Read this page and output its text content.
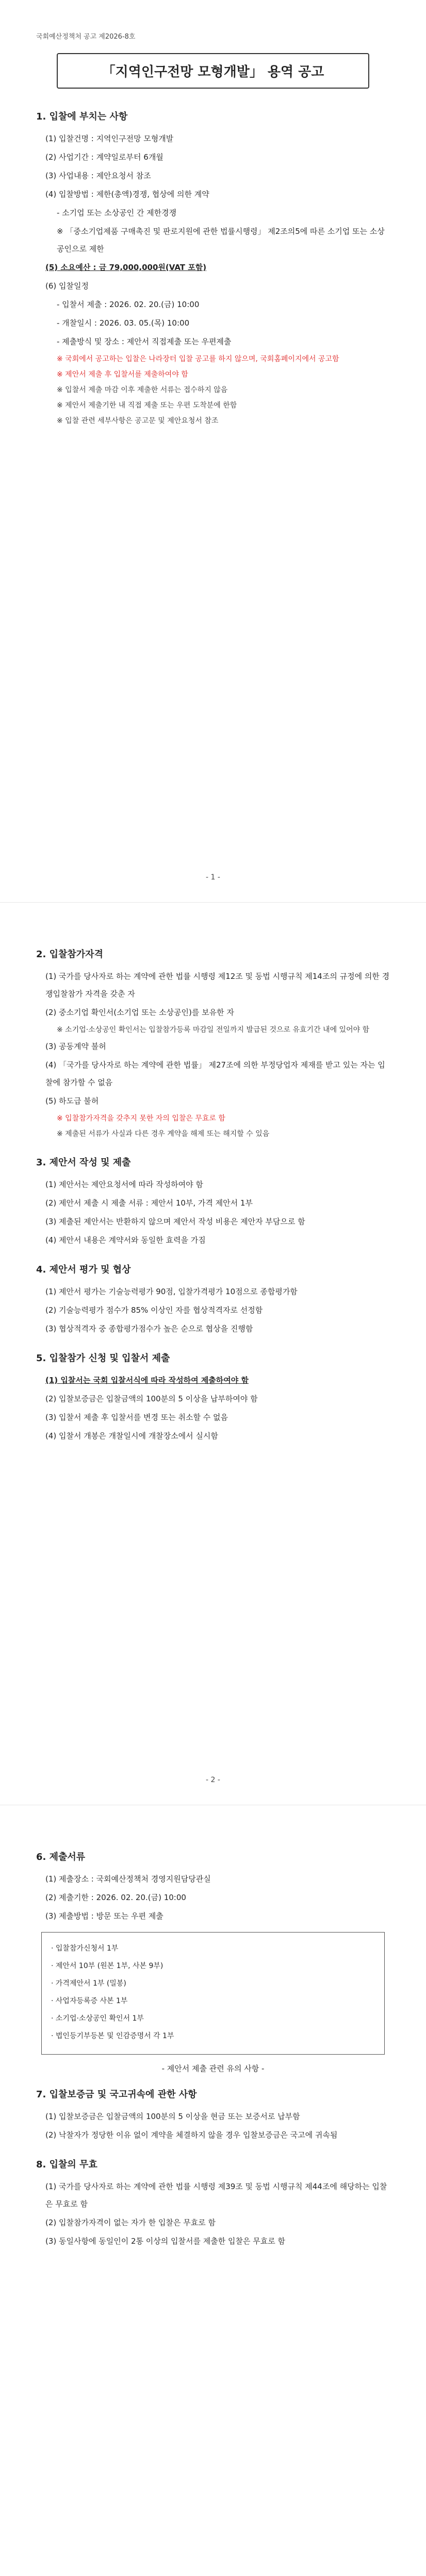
국회예산정책처 공고 제2026-8호
「지역인구전망 모형개발」 용역 공고
1. 입찰에 부치는 사항
(1) 입찰건명 : 지역인구전망 모형개발
(2) 사업기간 : 계약일로부터 6개월
(3) 사업내용 : 제안요청서 참조
(4) 입찰방법 : 제한(총액)경쟁, 협상에 의한 계약
- 소기업 또는 소상공인 간 제한경쟁
※ 「중소기업제품 구매촉진 및 판로지원에 관한 법률시행령」 제2조의5에 따른 소기업 또는 소상공인으로 제한
(5) 소요예산 : 금 79,000,000원(VAT 포함)
(6) 입찰일정
- 입찰서 제출 : 2026. 02. 20.(금) 10:00
- 개찰일시 : 2026. 03. 05.(목) 10:00
- 제출방식 및 장소 : 제안서 직접제출 또는 우편제출
※ 국회에서 공고하는 입찰은 나라장터 입찰 공고를 하지 않으며, 국회홈페이지에서 공고함
※ 제안서 제출 후 입찰서를 제출하여야 함
※ 입찰서 제출 마감 이후 제출한 서류는 접수하지 않음
※ 제안서 제출기한 내 직접 제출 또는 우편 도착분에 한함
※ 입찰 관련 세부사항은 공고문 및 제안요청서 참조
- 1 -
2. 입찰참가자격
(1) 국가를 당사자로 하는 계약에 관한 법률 시행령 제12조 및 동법 시행규칙 제14조의 규정에 의한 경쟁입찰참가 자격을 갖춘 자
(2) 중소기업 확인서(소기업 또는 소상공인)를 보유한 자
※ 소기업·소상공인 확인서는 입찰참가등록 마감일 전일까지 발급된 것으로 유효기간 내에 있어야 함
(3) 공동계약 불허
(4) 「국가를 당사자로 하는 계약에 관한 법률」 제27조에 의한 부정당업자 제재를 받고 있는 자는 입찰에 참가할 수 없음
(5) 하도급 불허
※ 입찰참가자격을 갖추지 못한 자의 입찰은 무효로 함
※ 제출된 서류가 사실과 다른 경우 계약을 해제 또는 해지할 수 있음
3. 제안서 작성 및 제출
(1) 제안서는 제안요청서에 따라 작성하여야 함
(2) 제안서 제출 시 제출 서류 : 제안서 10부, 가격 제안서 1부
(3) 제출된 제안서는 반환하지 않으며 제안서 작성 비용은 제안자 부담으로 함
(4) 제안서 내용은 계약서와 동일한 효력을 가짐
4. 제안서 평가 및 협상
(1) 제안서 평가는 기술능력평가 90점, 입찰가격평가 10점으로 종합평가함
(2) 기술능력평가 점수가 85% 이상인 자를 협상적격자로 선정함
(3) 협상적격자 중 종합평가점수가 높은 순으로 협상을 진행함
5. 입찰참가 신청 및 입찰서 제출
(1) 입찰서는 국회 입찰서식에 따라 작성하여 제출하여야 함
(2) 입찰보증금은 입찰금액의 100분의 5 이상을 납부하여야 함
(3) 입찰서 제출 후 입찰서를 변경 또는 취소할 수 없음
(4) 입찰서 개봉은 개찰일시에 개찰장소에서 실시함
- 2 -
6. 제출서류
(1) 제출장소 : 국회예산정책처 경영지원담당관실
(2) 제출기한 : 2026. 02. 20.(금) 10:00
(3) 제출방법 : 방문 또는 우편 제출
· 입찰참가신청서 1부
· 제안서 10부 (원본 1부, 사본 9부)
· 가격제안서 1부 (밀봉)
· 사업자등록증 사본 1부
· 소기업·소상공인 확인서 1부
· 법인등기부등본 및 인감증명서 각 1부
- 제안서 제출 관련 유의 사항 -
7. 입찰보증금 및 국고귀속에 관한 사항
(1) 입찰보증금은 입찰금액의 100분의 5 이상을 현금 또는 보증서로 납부함
(2) 낙찰자가 정당한 이유 없이 계약을 체결하지 않을 경우 입찰보증금은 국고에 귀속됨
8. 입찰의 무효
(1) 국가를 당사자로 하는 계약에 관한 법률 시행령 제39조 및 동법 시행규칙 제44조에 해당하는 입찰은 무효로 함
(2) 입찰참가자격이 없는 자가 한 입찰은 무효로 함
(3) 동일사항에 동일인이 2통 이상의 입찰서를 제출한 입찰은 무효로 함
